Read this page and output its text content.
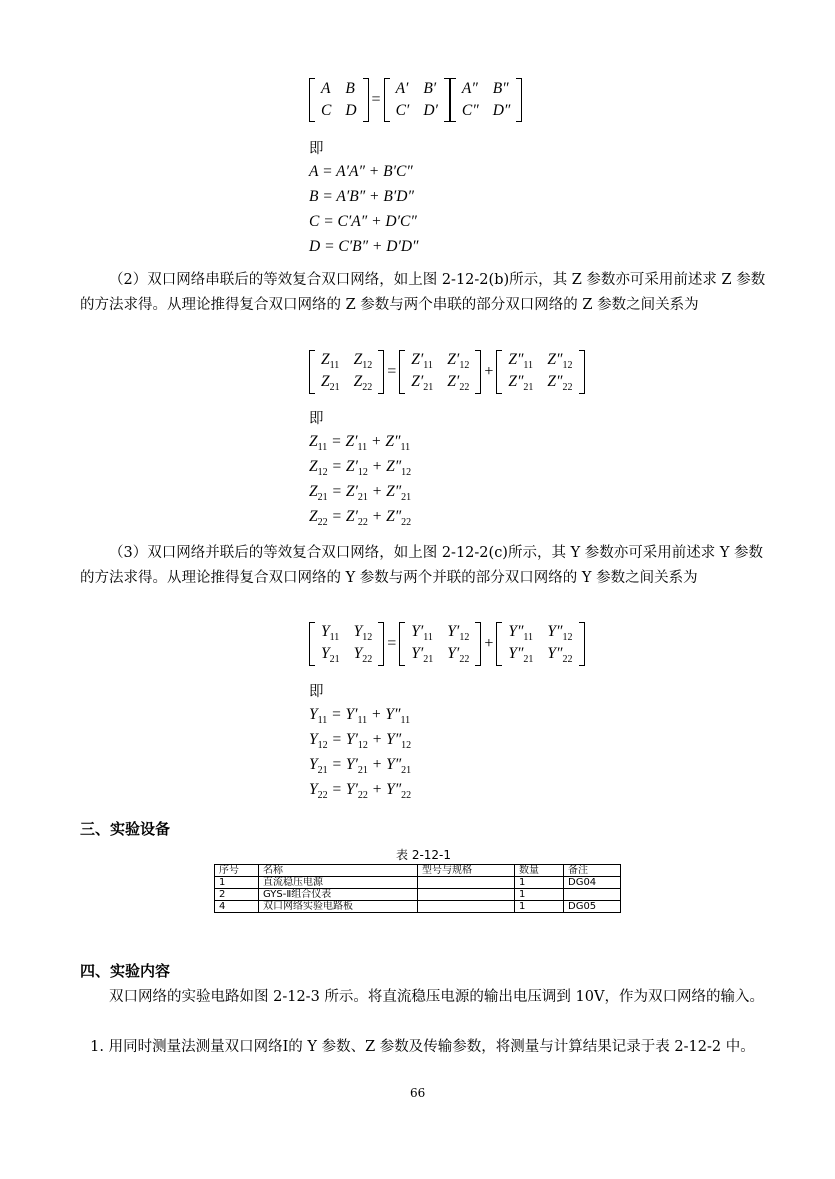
A	B
C	D
=
A′	B′
C′	D′
A″	B″
C″	D″
即
A = A′A″ + B′C″
B = A′B″ + B′D″
C = C′A″ + D′C″
D = C′B″ + D′D″
（2）双口网络串联后的等效复合双口网络，如上图 2-12-2(b)所示，其 Z 参数亦可采用前述求 Z 参数的方法求得。从理论推得复合双口网络的 Z 参数与两个串联的部分双口网络的 Z 参数之间关系为
$Z_{11}$	$Z_{12}$
$Z_{21}$	$Z_{22}$
=
$Z'_{11}$	$Z'_{12}$
$Z'_{21}$	$Z'_{22}$
+
$Z''_{11}$	$Z''_{12}$
$Z''_{21}$	$Z''_{22}$
即
$Z_{11} = Z'_{11} + Z''_{11}$
$Z_{12} = Z'_{12} + Z''_{12}$
$Z_{21} = Z'_{21} + Z''_{21}$
$Z_{22} = Z'_{22} + Z''_{22}$
（3）双口网络并联后的等效复合双口网络，如上图 2-12-2(c)所示，其 Y 参数亦可采用前述求 Y 参数的方法求得。从理论推得复合双口网络的 Y 参数与两个并联的部分双口网络的 Y 参数之间关系为
$Y_{11}$	$Y_{12}$
$Y_{21}$	$Y_{22}$
=
$Y'_{11}$	$Y'_{12}$
$Y'_{21}$	$Y'_{22}$
+
$Y''_{11}$	$Y''_{12}$
$Y''_{21}$	$Y''_{22}$
即
$Y_{11} = Y'_{11} + Y''_{11}$
$Y_{12} = Y'_{12} + Y''_{12}$
$Y_{21} = Y'_{21} + Y''_{21}$
$Y_{22} = Y'_{22} + Y''_{22}$
三、实验设备
表 2-12-1
序号	名称	型号与规格	数量	备注
1	直流稳压电源		1	DG04
2	GYS-Ⅱ组合仪表		1	
4	双口网络实验电路板		1	DG05
四、实验内容
双口网络的实验电路如图 2-12-3 所示。将直流稳压电源的输出电压调到 10V，作为双口网络的输入。
1. 用同时测量法测量双口网络Ⅰ的 Y 参数、Z 参数及传输参数，将测量与计算结果记录于表 2-12-2 中。
66
